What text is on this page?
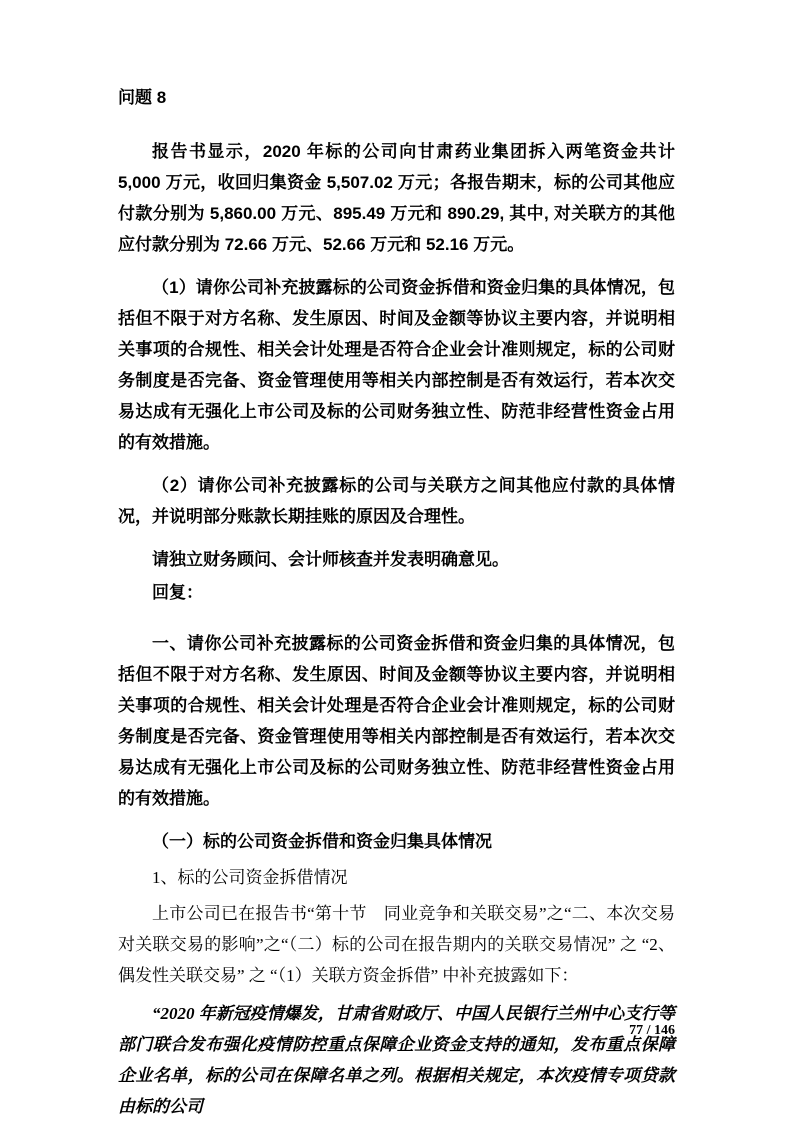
问题 8

报告书显示，2020 年标的公司向甘肃药业集团拆入两笔资金共计 5,000 万元，收回归集资金 5,507.02 万元；各报告期末，标的公司其他应付款分别为 5,860.00 万元、895.49 万元和 890.29, 其中, 对关联方的其他应付款分别为 72.66 万元、52.66 万元和 52.16 万元。

（1）请你公司补充披露标的公司资金拆借和资金归集的具体情况，包括但不限于对方名称、发生原因、时间及金额等协议主要内容，并说明相关事项的合规性、相关会计处理是否符合企业会计准则规定，标的公司财务制度是否完备、资金管理使用等相关内部控制是否有效运行，若本次交易达成有无强化上市公司及标的公司财务独立性、防范非经营性资金占用的有效措施。

（2）请你公司补充披露标的公司与关联方之间其他应付款的具体情况，并说明部分账款长期挂账的原因及合理性。

请独立财务顾问、会计师核查并发表明确意见。

回复：

一、请你公司补充披露标的公司资金拆借和资金归集的具体情况，包括但不限于对方名称、发生原因、时间及金额等协议主要内容，并说明相关事项的合规性、相关会计处理是否符合企业会计准则规定，标的公司财务制度是否完备、资金管理使用等相关内部控制是否有效运行，若本次交易达成有无强化上市公司及标的公司财务独立性、防范非经营性资金占用的有效措施。

（一）标的公司资金拆借和资金归集具体情况

1、标的公司资金拆借情况

上市公司已在报告书“第十节　同业竞争和关联交易”之“二、本次交易对关联交易的影响”之“（二）标的公司在报告期内的关联交易情况” 之 “2、偶发性关联交易” 之 “（1）关联方资金拆借” 中补充披露如下：

“2020 年新冠疫情爆发，甘肃省财政厅、中国人民银行兰州中心支行等部门联合发布强化疫情防控重点保障企业资金支持的通知，发布重点保障企业名单，标的公司在保障名单之列。根据相关规定，本次疫情专项贷款由标的公司

77 / 146
